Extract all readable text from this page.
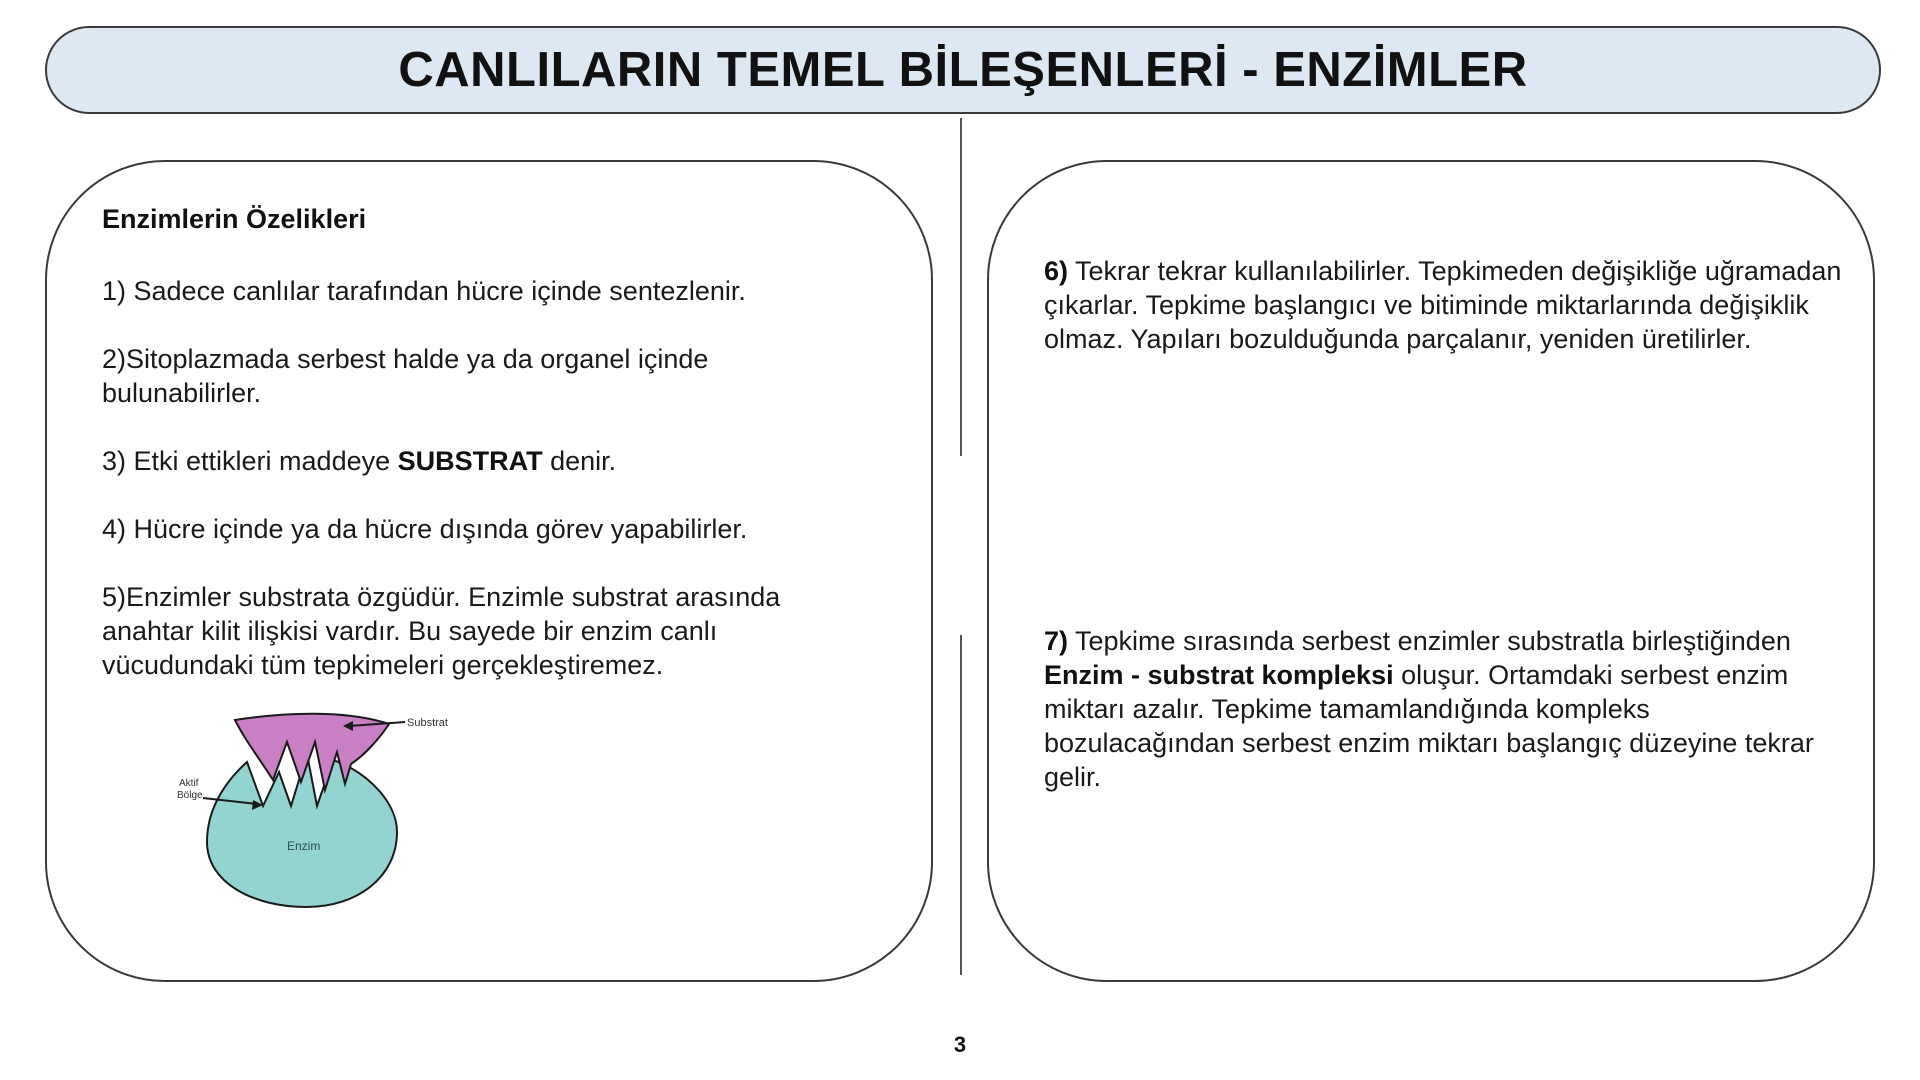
CANLILARIN TEMEL BİLEŞENLERİ - ENZİMLER
Enzimlerin Özelikleri
1) Sadece canlılar tarafından hücre içinde sentezlenir.
2)Sitoplazmada serbest halde ya da organel içinde bulunabilirler.
3) Etki ettikleri maddeye SUBSTRAT denir.
4) Hücre içinde ya da hücre dışında görev yapabilirler.
5)Enzimler substrata özgüdür. Enzimle substrat arasında anahtar kilit ilişkisi vardır. Bu sayede bir enzim canlı vücudundaki tüm tepkimeleri gerçekleştiremez.
Substrat
Aktif
Bölge
Enzim
6) Tekrar tekrar kullanılabilirler. Tepkimeden değişikliğe uğramadan çıkarlar. Tepkime başlangıcı ve bitiminde miktarlarında değişiklik olmaz. Yapıları bozulduğunda parçalanır, yeniden üretilirler.
7) Tepkime sırasında serbest enzimler substratla birleştiğinden Enzim - substrat kompleksi oluşur. Ortamdaki serbest enzim miktarı azalır. Tepkime tamamlandığında kompleks bozulacağından serbest enzim miktarı başlangıç düzeyine tekrar gelir.
3
